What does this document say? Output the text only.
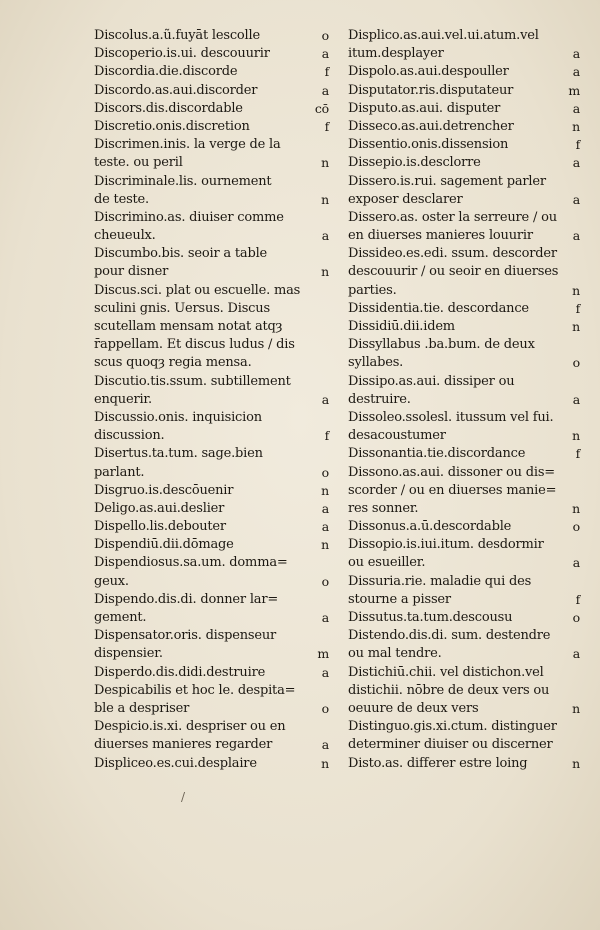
Discolus.a.ũ.fuyāt lescolle	o
Discoperio.is.ui. descouurir	a
Discordia.die.discorde	f
Discordo.as.aui.discorder	a
Discors.dis.discordable	cō
Discretio.onis.discretion	f
Discrimen.inis. la verge de la
teste. ou peril	n
Discriminale.lis. ournement
de teste.	n
Discrimino.as. diuiser comme
cheueulx.	a
Discumbo.bis. seoir a table
pour disner	n
Discus.sci. plat ou escuelle. mas
sculini gnis. Uersus. Discus
scutellam mensam notat atqȝ
r̄appellam. Et discus ludus / dis
scus quoqȝ regia mensa.
Discutio.tis.ssum. subtillement
enquerir.	a
Discussio.onis. inquisicion
discussion.	f
Disertus.ta.tum. sage.bien
parlant.	o
Disgruo.is.descōuenir	n
Deligo.as.aui.deslier	a
Dispello.lis.debouter	a
Dispendiū.dii.dōmage	n
Dispendiosus.sa.um. domma=
geux.	o
Dispendo.dis.di. donner lar=
gement.	a
Dispensator.oris. dispenseur
dispensier.	m
Disperdo.dis.didi.destruire	a
Despicabilis et hoc le. despita=
ble a despriser	o
Despicio.is.xi. despriser ou en
diuerses manieres regarder	a
Displiceo.es.cui.desplaire	n
Displico.as.aui.vel.ui.atum.vel
itum.desplayer	a
Dispolo.as.aui.despouller	a
Disputator.ris.disputateur	m
Disputo.as.aui. disputer	a
Disseco.as.aui.detrencher	n
Dissentio.onis.dissension	f
Dissepio.is.desclorre	a
Dissero.is.rui. sagement parler
exposer desclarer	a
Dissero.as. oster la serreure / ou
en diuerses manieres louurir	a
Dissideo.es.edi. ssum. descorder
descouurir / ou seoir en diuerses
parties.	n
Dissidentia.tie. descordance	f
Dissidiū.dii.idem	n
Dissyllabus .ba.bum. de deux
syllabes.	o
Dissipo.as.aui. dissiper ou
destruire.	a
Dissoleo.ssolesl. itussum vel fui.
desacoustumer	n
Dissonantia.tie.discordance	f
Dissono.as.aui. dissoner ou dis=
scorder / ou en diuerses manie=
res sonner.	n
Dissonus.a.ū.descordable	o
Dissopio.is.iui.itum. desdormir
ou esueiller.	a
Dissuria.rie. maladie qui des
stourne a pisser	f
Dissutus.ta.tum.descousu	o
Distendo.dis.di. sum. destendre
ou mal tendre.	a
Distichiū.chii. vel distichon.vel
distichii. nōbre de deux vers ou
oeuure de deux vers	n
Distinguo.gis.xi.ctum. distinguer
determiner diuiser ou discerner
Disto.as. differer estre loing	n
/
